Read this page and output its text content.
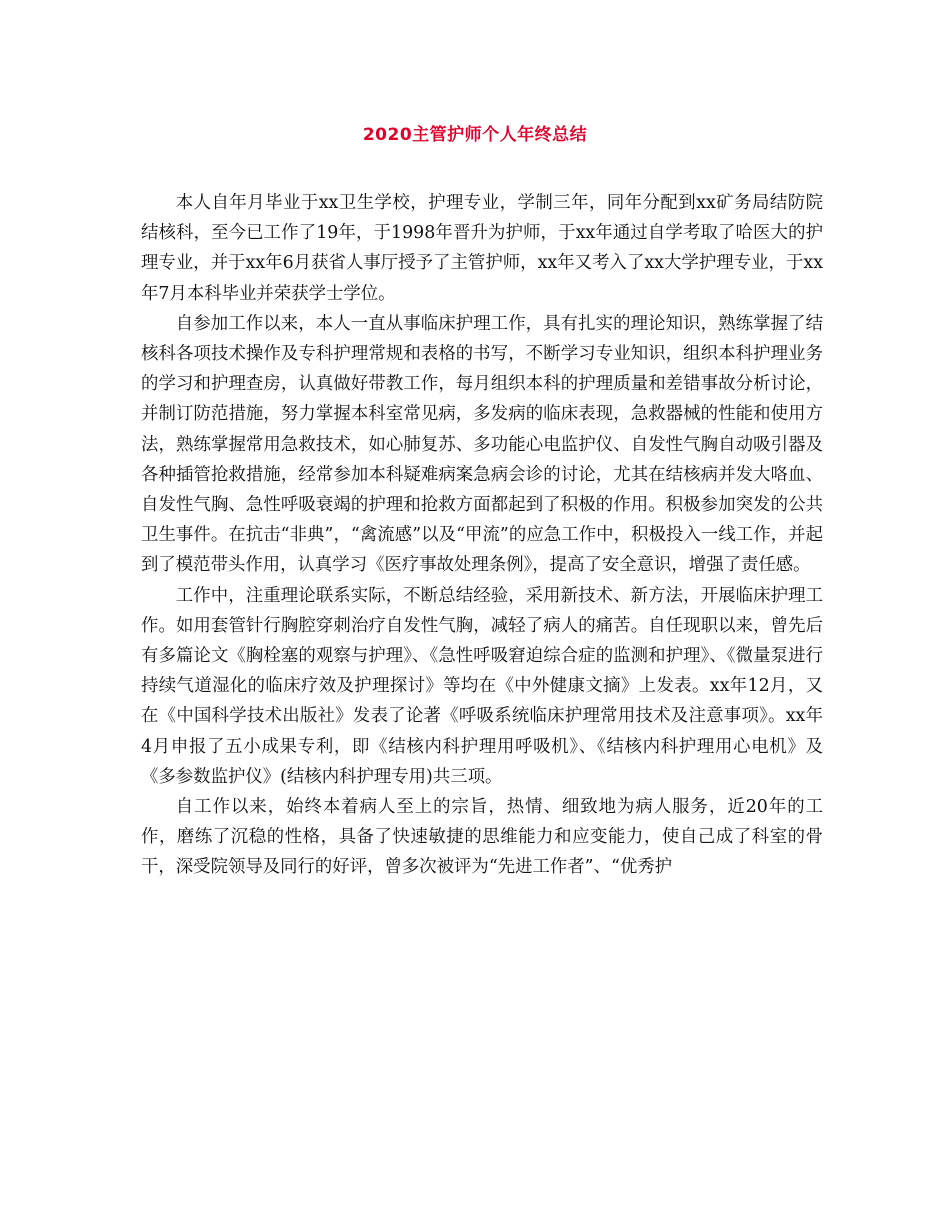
2020主管护师个人年终总结

本人自年月毕业于xx卫生学校，护理专业，学制三年，同年分配到xx矿务局结防院结核科，至今已工作了19年，于1998年晋升为护师，于xx年通过自学考取了哈医大的护理专业，并于xx年6月获省人事厅授予了主管护师，xx年又考入了xx大学护理专业，于xx年7月本科毕业并荣获学士学位。

自参加工作以来，本人一直从事临床护理工作，具有扎实的理论知识，熟练掌握了结核科各项技术操作及专科护理常规和表格的书写，不断学习专业知识，组织本科护理业务的学习和护理查房，认真做好带教工作，每月组织本科的护理质量和差错事故分析讨论，并制订防范措施，努力掌握本科室常见病，多发病的临床表现，急救器械的性能和使用方法，熟练掌握常用急救技术，如心肺复苏、多功能心电监护仪、自发性气胸自动吸引器及各种插管抢救措施，经常参加本科疑难病案急病会诊的讨论，尤其在结核病并发大咯血、自发性气胸、急性呼吸衰竭的护理和抢救方面都起到了积极的作用。积极参加突发的公共卫生事件。在抗击“非典”，“禽流感”以及“甲流”的应急工作中，积极投入一线工作，并起到了模范带头作用，认真学习《医疗事故处理条例》，提高了安全意识，增强了责任感。

工作中，注重理论联系实际，不断总结经验，采用新技术、新方法，开展临床护理工作。如用套管针行胸腔穿刺治疗自发性气胸，减轻了病人的痛苦。自任现职以来，曾先后有多篇论文《胸栓塞的观察与护理》、《急性呼吸窘迫综合症的监测和护理》、《微量泵进行持续气道湿化的临床疗效及护理探讨》等均在《中外健康文摘》上发表。xx年12月，又在《中国科学技术出版社》发表了论著《呼吸系统临床护理常用技术及注意事项》。xx年4月申报了五小成果专利，即《结核内科护理用呼吸机》、《结核内科护理用心电机》及《多参数监护仪》(结核内科护理专用)共三项。

自工作以来，始终本着病人至上的宗旨，热情、细致地为病人服务，近20年的工作，磨练了沉稳的性格，具备了快速敏捷的思维能力和应变能力，使自己成了科室的骨干，深受院领导及同行的好评，曾多次被评为“先进工作者”、“优秀护
